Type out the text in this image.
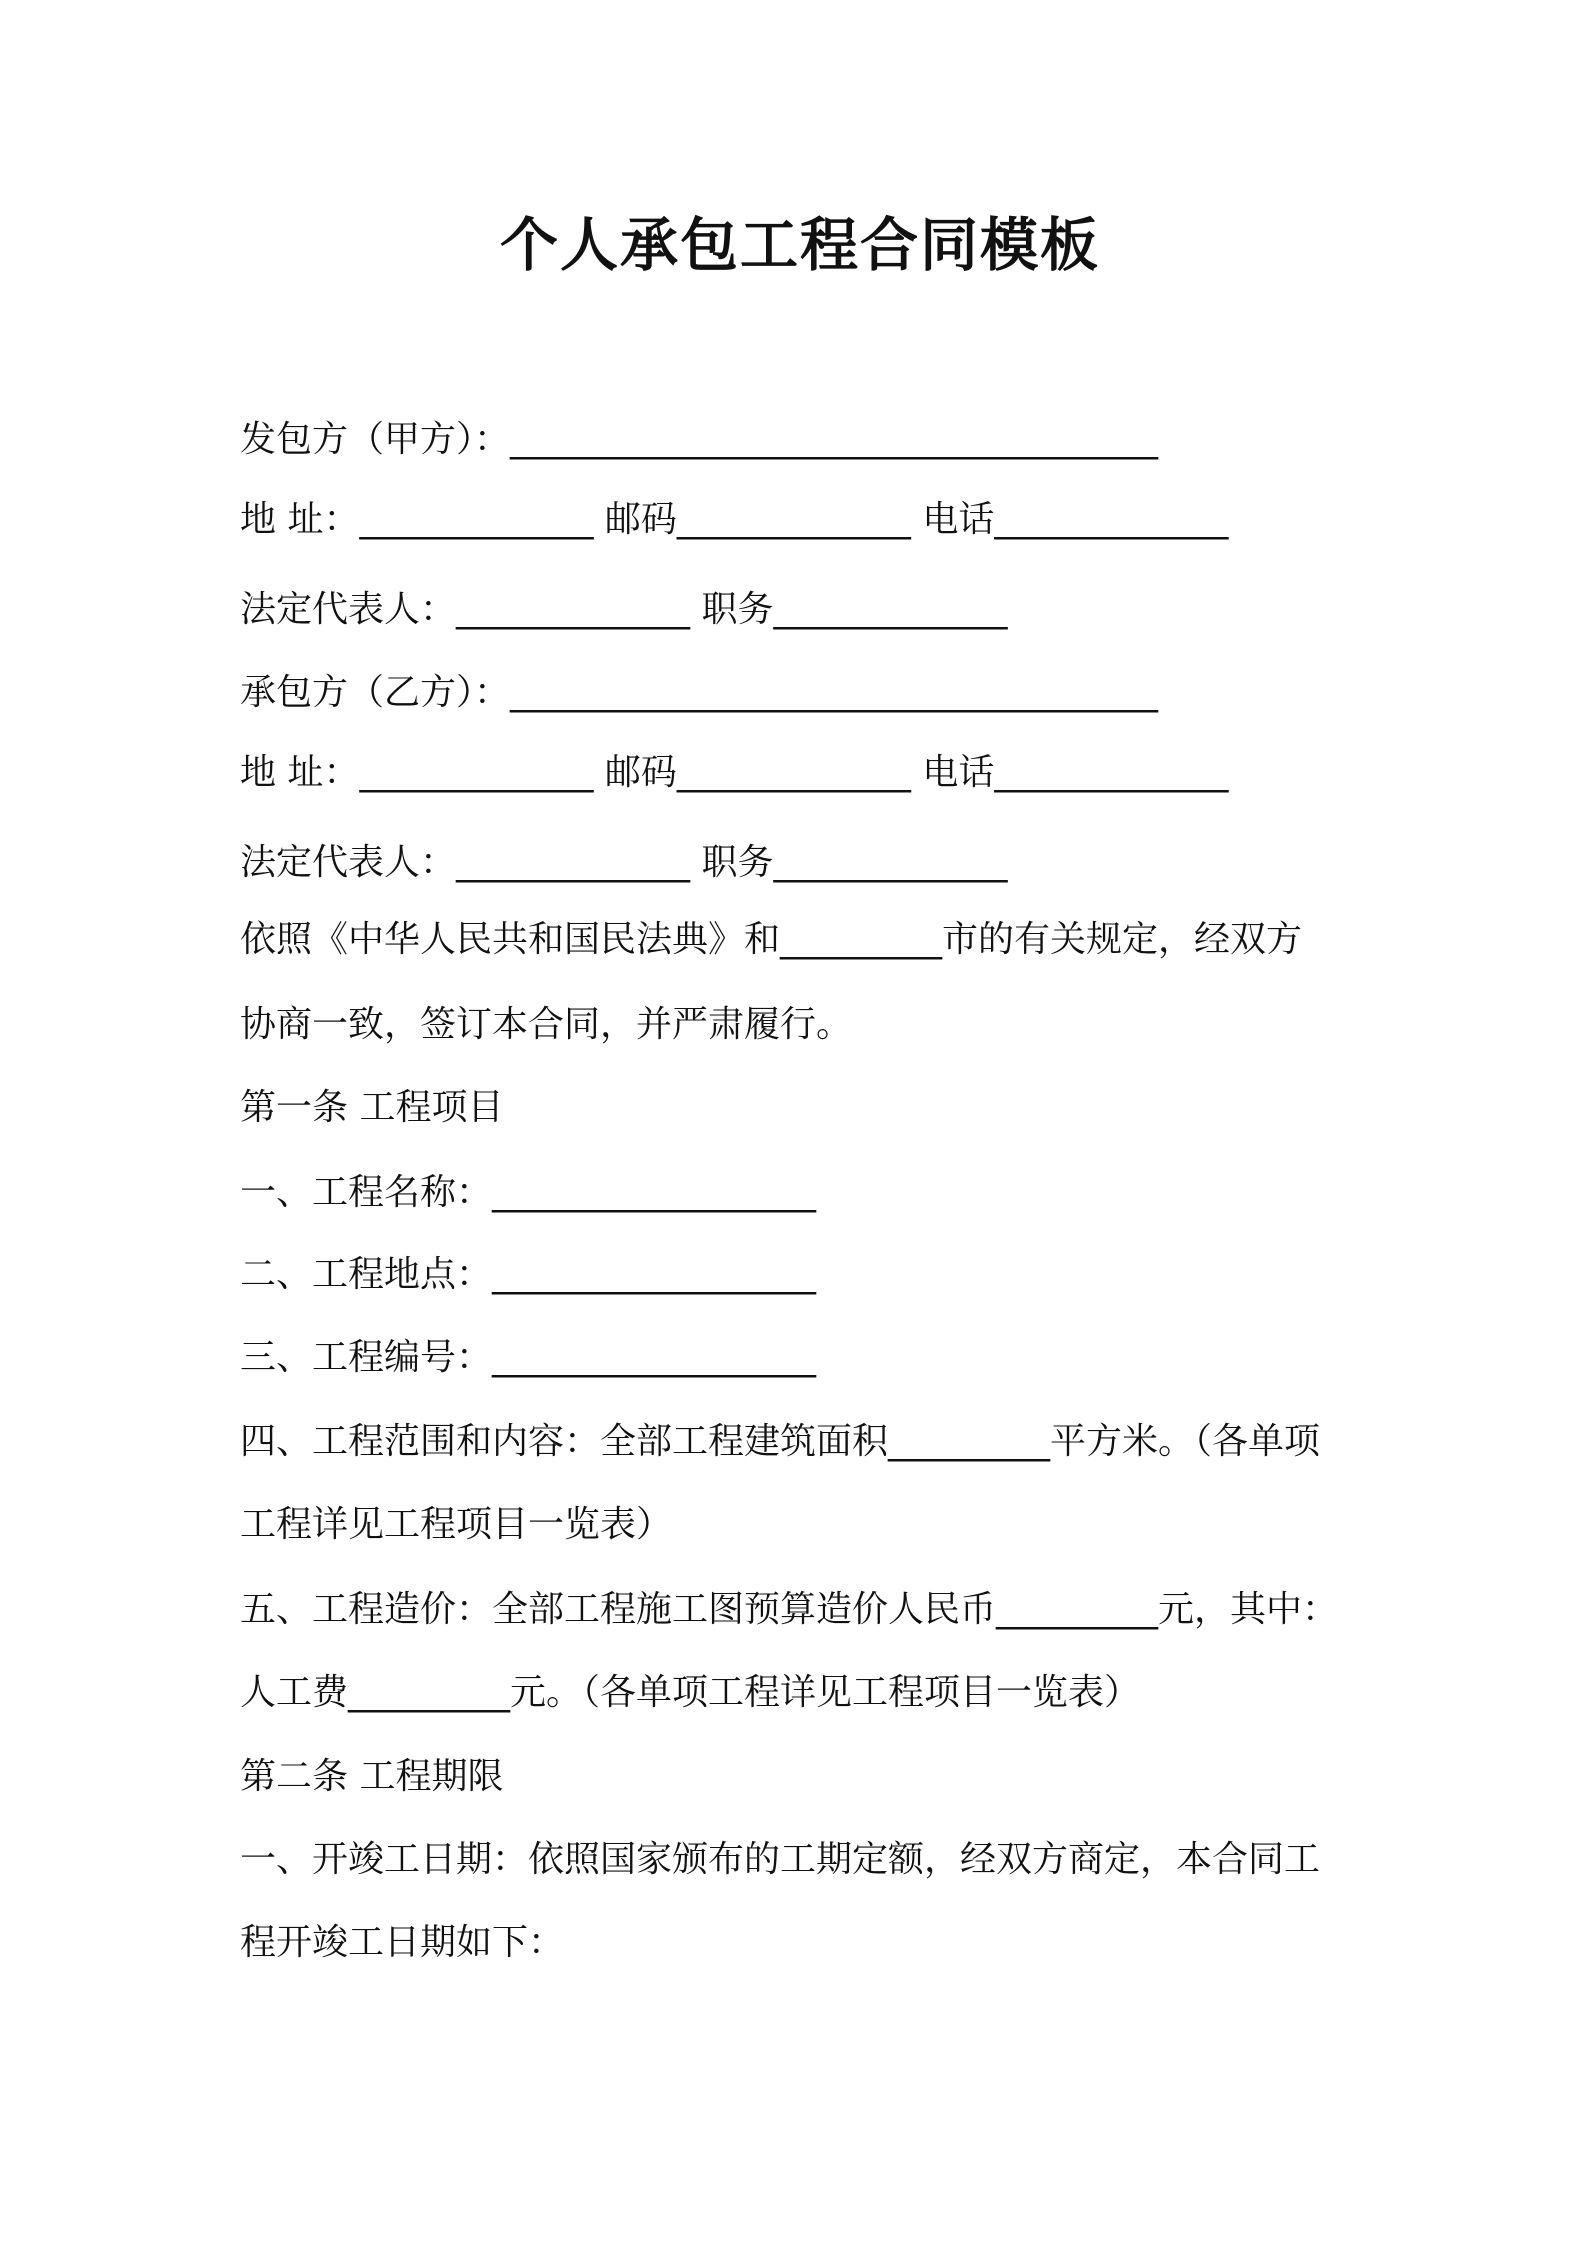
个人承包工程合同模板
发包方（甲方）：____________________________________
地 址：_____________ 邮码_____________ 电话_____________
法定代表人：_____________ 职务_____________
承包方（乙方）：____________________________________
地 址：_____________ 邮码_____________ 电话_____________
法定代表人：_____________ 职务_____________
依照《中华人民共和国民法典》和_________市的有关规定，经双方
协商一致，签订本合同，并严肃履行。
第一条 工程项目
一、工程名称：__________________
二、工程地点：__________________
三、工程编号：__________________
四、工程范围和内容：全部工程建筑面积_________平方米。（各单项
工程详见工程项目一览表）
五、工程造价：全部工程施工图预算造价人民币_________元，其中：
人工费_________元。（各单项工程详见工程项目一览表）
第二条 工程期限
一、开竣工日期：依照国家颁布的工期定额，经双方商定，本合同工
程开竣工日期如下：
